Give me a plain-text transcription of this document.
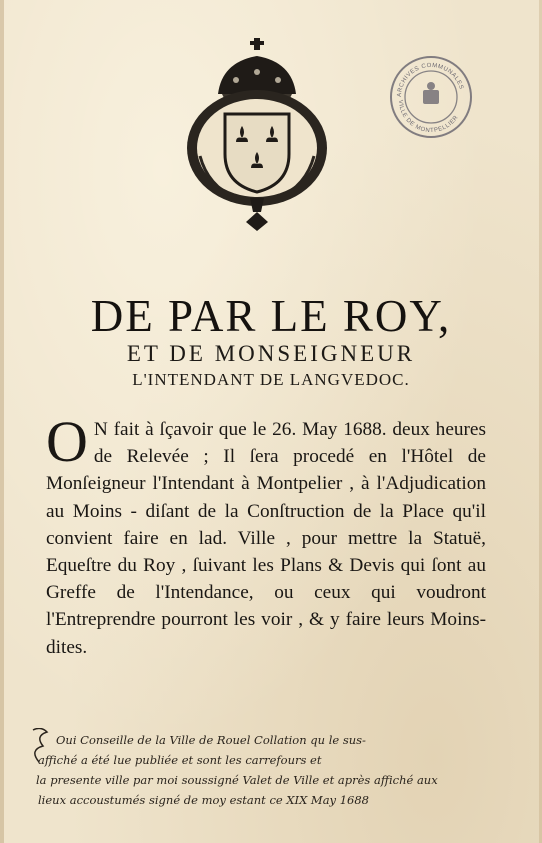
ARCHIVES COMMUNALES
VILLE DE MONTPELLIER
DE PAR LE ROY,
ET DE MONSEIGNEUR
L'INTENDANT DE LANGVEDOC.
O N fait à ſçavoir que le 26. May 1688. deux heures de Relevée ; Il ſera procedé en l'Hôtel de Monſeigneur l'Intendant à Montpelier , à l'Adjudication au Moins - diſant de la Conſtruction de la Place qu'il convient faire en lad. Ville , pour mettre la Statuë, Equeſtre du Roy , ſuivant les Plans & Devis qui ſont au Greffe de l'Intendance, ou ceux qui voudront l'Entreprendre pourront les voir , & y faire leurs Moins-dites.
Oui Conseille de la Ville de Rouel Collation qu le sus-
affiché a été lue publiée et sont les carrefours et
la presente ville par moi soussigné Valet de Ville et après affiché aux
lieux accoustumés signé de moy estant ce XIX May 1688
